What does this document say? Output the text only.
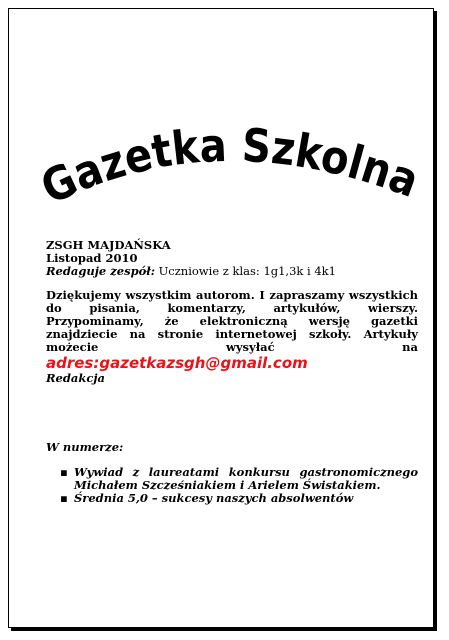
Gazetka Szkolna
ZSGH MAJDAŃSKA
Listopad 2010
Redaguje zespół: Uczniowie z klas: 1g1,3k i 4k1
Dziękujemy wszystkim autorom. I zapraszamy wszystkich do pisania, komentarzy, artykułów, wierszy. Przypominamy, że elektroniczną wersję gazetki znajdziecie na stronie internetowej szkoły. Artykuły możecie wysyłać na
adres:gazetkazsgh@gmail.com
Redakcja
W numerze:
▪ Wywiad z laureatami konkursu gastronomicznego Michałem Szcześniakiem i Arielem Świstakiem.
▪ Średnia 5,0 – sukcesy naszych absolwentów
